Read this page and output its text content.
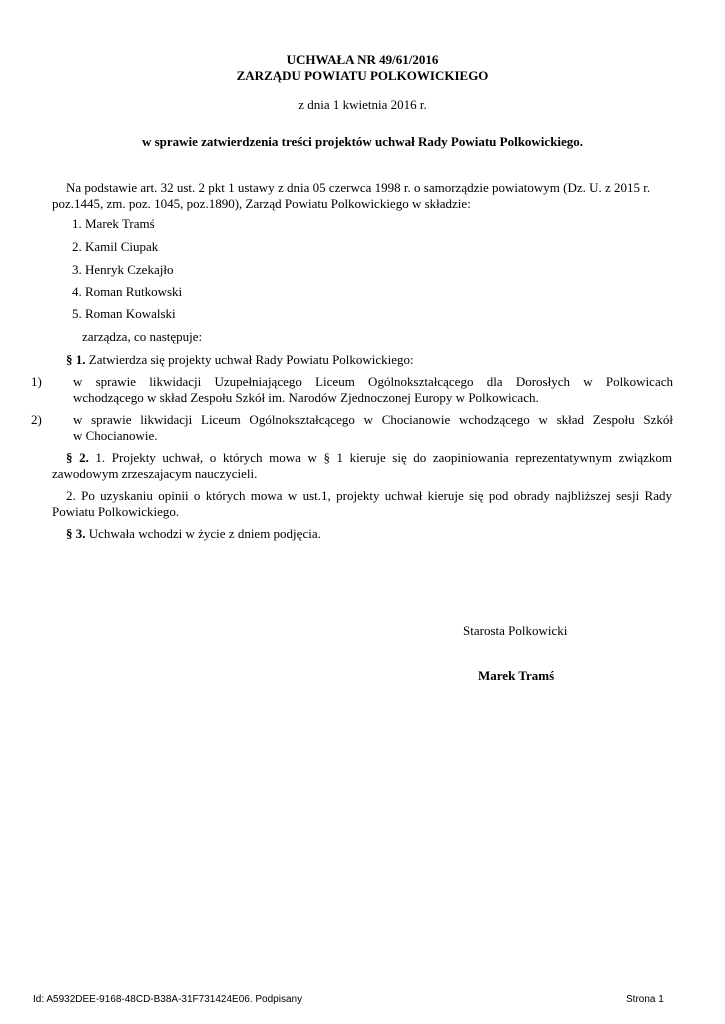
UCHWAŁA NR 49/61/2016
ZARZĄDU POWIATU POLKOWICKIEGO
z dnia 1 kwietnia 2016 r.
w sprawie zatwierdzenia treści projektów uchwał Rady Powiatu Polkowickiego.
Na podstawie art. 32 ust. 2 pkt 1 ustawy z dnia 05 czerwca 1998 r. o samorządzie powiatowym (Dz. U. z 2015 r.
poz.1445, zm. poz. 1045, poz.1890), Zarząd Powiatu Polkowickiego w składzie:
1. Marek Tramś
2. Kamil Ciupak
3. Henryk Czekajło
4. Roman Rutkowski
5. Roman Kowalski
zarządza, co następuje:
§ 1. Zatwierdza się projekty uchwał Rady Powiatu Polkowickiego:
1) w sprawie likwidacji Uzupełniającego Liceum Ogólnokształcącego dla Dorosłych w Polkowicach
wchodzącego w skład Zespołu Szkół im. Narodów Zjednoczonej Europy w Polkowicach.
2) w sprawie likwidacji Liceum Ogólnokształcącego w Chocianowie wchodzącego w skład Zespołu Szkół
w Chocianowie.
§ 2. 1. Projekty uchwał, o których mowa w § 1 kieruje się do zaopiniowania reprezentatywnym związkom
zawodowym zrzeszajacym nauczycieli.
2. Po uzyskaniu opinii o których mowa w ust.1, projekty uchwał kieruje się pod obrady najbliższej sesji Rady
Powiatu Polkowickiego.
§ 3. Uchwała wchodzi w życie z dniem podjęcia.
Starosta Polkowicki
Marek Tramś
Id: A5932DEE-9168-48CD-B38A-31F731424E06. Podpisany	Strona 1
